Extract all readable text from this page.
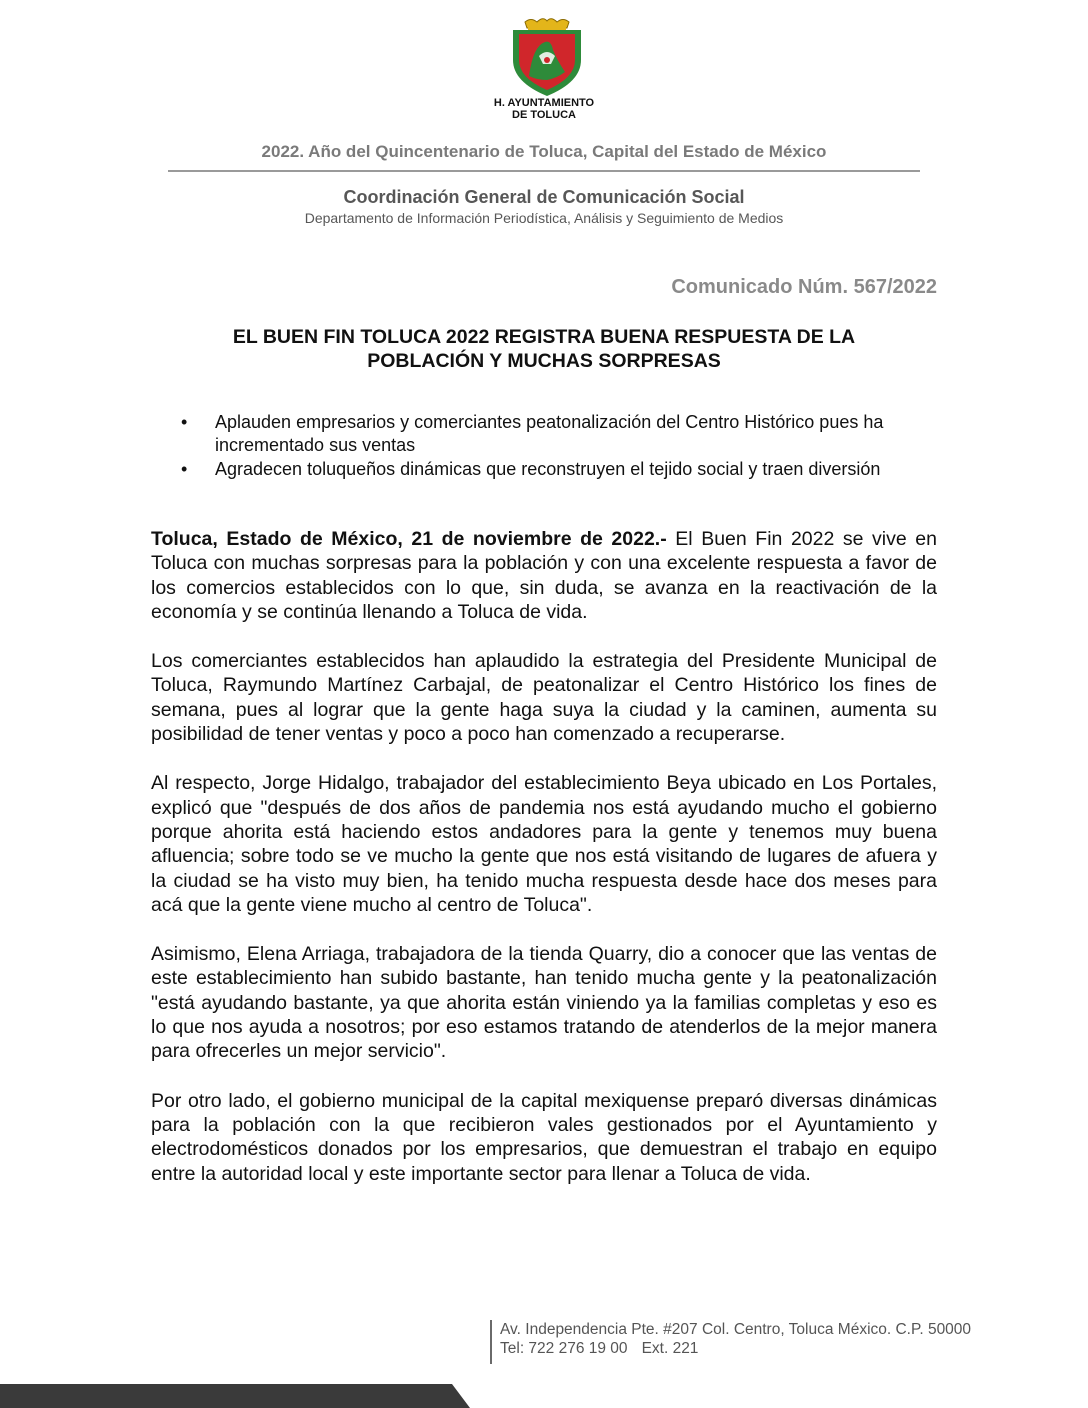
H. AYUNTAMIENTO
DE TOLUCA
2022. Año del Quincentenario de Toluca, Capital del Estado de México
Coordinación General de Comunicación Social
Departamento de Información Periodística, Análisis y Seguimiento de Medios
Comunicado Núm. 567/2022
EL BUEN FIN TOLUCA 2022 REGISTRA BUENA RESPUESTA DE LA
POBLACIÓN Y MUCHAS SORPRESAS
• Aplauden empresarios y comerciantes peatonalización del Centro Histórico pues ha incrementado sus ventas
• Agradecen toluqueños dinámicas que reconstruyen el tejido social y traen diversión

Toluca, Estado de México, 21 de noviembre de 2022.- El Buen Fin 2022 se vive en Toluca con muchas sorpresas para la población y con una excelente respuesta a favor de los comercios establecidos con lo que, sin duda, se avanza en la reactivación de la economía y se continúa llenando a Toluca de vida.

Los comerciantes establecidos han aplaudido la estrategia del Presidente Municipal de Toluca, Raymundo Martínez Carbajal, de peatonalizar el Centro Histórico los fines de semana, pues al lograr que la gente haga suya la ciudad y la caminen, aumenta su posibilidad de tener ventas y poco a poco han comenzado a recuperarse.

Al respecto, Jorge Hidalgo, trabajador del establecimiento Beya ubicado en Los Portales, explicó que "después de dos años de pandemia nos está ayudando mucho el gobierno porque ahorita está haciendo estos andadores para la gente y tenemos muy buena afluencia; sobre todo se ve mucho la gente que nos está visitando de lugares de afuera y la ciudad se ha visto muy bien, ha tenido mucha respuesta desde hace dos meses para acá que la gente viene mucho al centro de Toluca".

Asimismo, Elena Arriaga, trabajadora de la tienda Quarry, dio a conocer que las ventas de este establecimiento han subido bastante, han tenido mucha gente y la peatonalización "está ayudando bastante, ya que ahorita están viniendo ya la familias completas y eso es lo que nos ayuda a nosotros; por eso estamos tratando de atenderlos de la mejor manera para ofrecerles un mejor servicio".

Por otro lado, el gobierno municipal de la capital mexiquense preparó diversas dinámicas para la población con la que recibieron vales gestionados por el Ayuntamiento y electrodomésticos donados por los empresarios, que demuestran el trabajo en equipo entre la autoridad local y este importante sector para llenar a Toluca de vida.

Av. Independencia Pte. #207 Col. Centro, Toluca México. C.P. 50000
Tel: 722 276 19 00 Ext. 221
